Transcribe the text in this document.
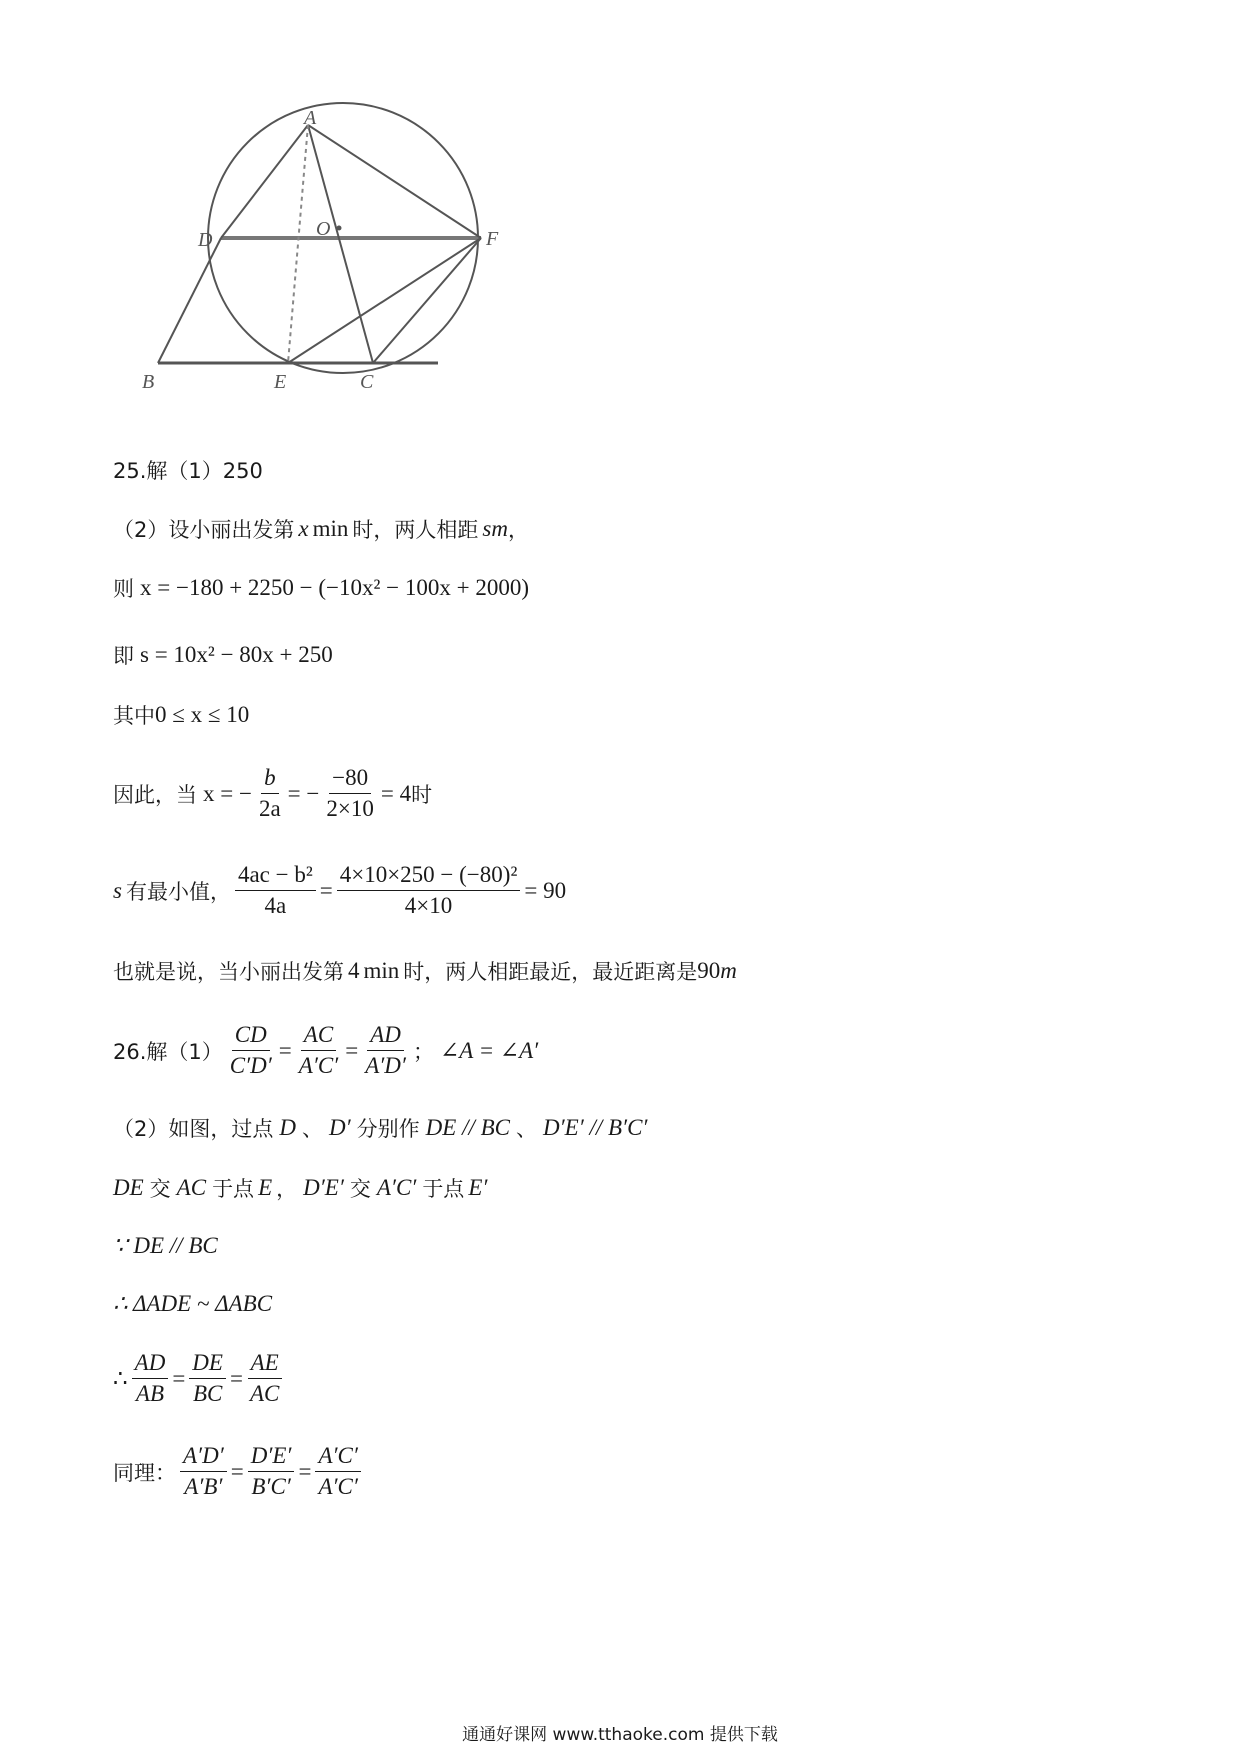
A
D	O	F
B	E	C
25.解（1）250
（2）设小丽出发第 x min 时，两人相距 sm ，
则 x = −180 + 2250 − (−10x² − 100x + 2000)
即 s = 10x² − 80x + 250
其中 0 ≤ x ≤ 10
因此，当 x = − $\frac{b}{2a}$ = − $\frac{-80}{2\times 10} = 4$ 时
s 有最小值， $\frac{\text{4ac − b²}}{4a} = \frac{\text{4×10×250 − (−80)²}}{4\times 10} = 90$
也就是说，当小丽出发第 4 min 时，两人相距最近，最近距离是 90 m
26.解$(1) \frac{CD}{C'D'} = \frac{AC}{A'C'} = \frac{AD}{A'D'}$ ； ∠A = ∠A′
（2）如图，过点 D 、 D′ 分别作 DE // BC 、 D′E′ // B′C′
DE 交 AC 于点 E ， D′E′ 交 A′C′ 于点 E′
∵ DE // BC
∴ ΔADE ~ ΔABC
∴ $\frac{AD}{AB} = \frac{DE}{BC} = \frac{AE}{AC}$
同理： $\frac{A'D'}{A'B'} = \frac{D'E'}{B'C'} = \frac{A'C'}{A'C'}$
通通好课网 www.tthaoke.com 提供下载
